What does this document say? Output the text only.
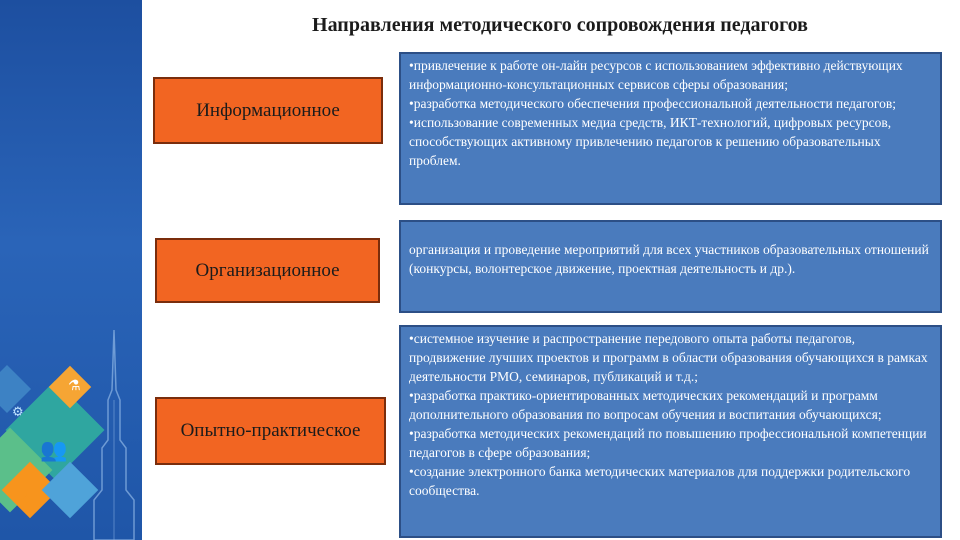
👥
⚗
✦
⚙
Направления методического сопровождения педагогов
Информационное

•привлечение к работе он-лайн ресурсов с использованием эффективно действующих информационно-консультационных сервисов сферы образования;

•разработка методического обеспечения профессиональной деятельности педагогов;

•использование современных медиа средств, ИКТ-технологий, цифровых ресурсов, способствующих активному привлечению педагогов к решению образовательных проблем.

Организационное

организация и проведение мероприятий для всех участников образовательных отношений (конкурсы, волонтерское движение, проектная деятельность и др.).

Опытно-практическое

•системное изучение и распространение передового опыта работы педагогов, продвижение лучших проектов и программ в области образования обучающихся в рамках деятельности РМО, семинаров, публикаций и т.д.;

•разработка практико-ориентированных методических рекомендаций и программ дополнительного образования по вопросам обучения и воспитания обучающихся;

•разработка методических рекомендаций по повышению профессиональной компетенции педагогов в сфере образования;

•создание электронного банка методических материалов для поддержки родительского сообщества.
